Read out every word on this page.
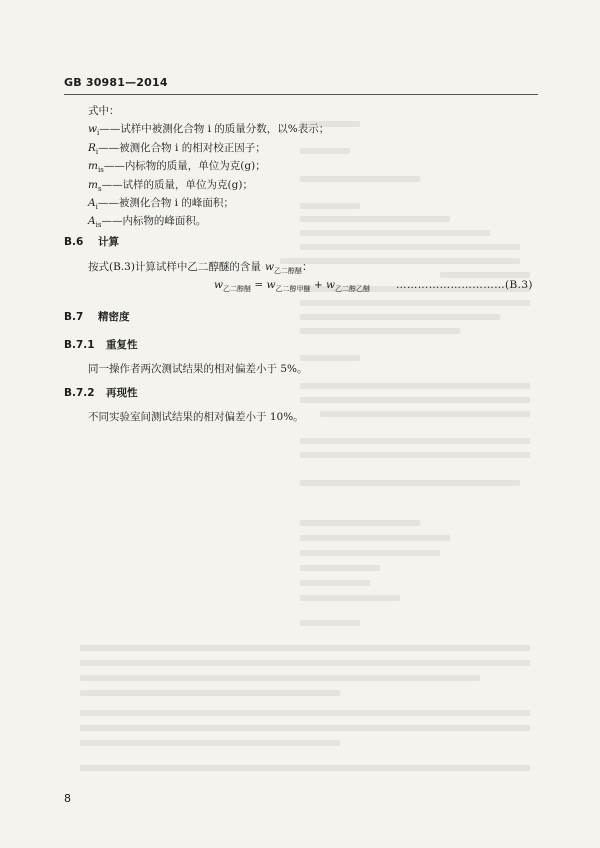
GB 30981—2014
式中：
$w_i——$试样中被测化合物 i 的质量分数，以%表示；
$R_i——$被测化合物 i 的相对校正因子；
$m_{is}——$内标物的质量，单位为克(g)；
$m_s——$试样的质量，单位为克(g)；
$A_i——$被测化合物 i 的峰面积；
$A_{is}——$内标物的峰面积。
B.6 计算
按式(B.3)计算试样中乙二醇醚的含量 $w_{乙二醇醚}$：
$w_{乙二醇醚} = w_{乙二醇甲醚} + w_{乙二醇乙醚}$ …………………………(B.3)
B.7 精密度
B.7.1 重复性
同一操作者两次测试结果的相对偏差小于 5%。
B.7.2 再现性
不同实验室间测试结果的相对偏差小于 10%。
8
